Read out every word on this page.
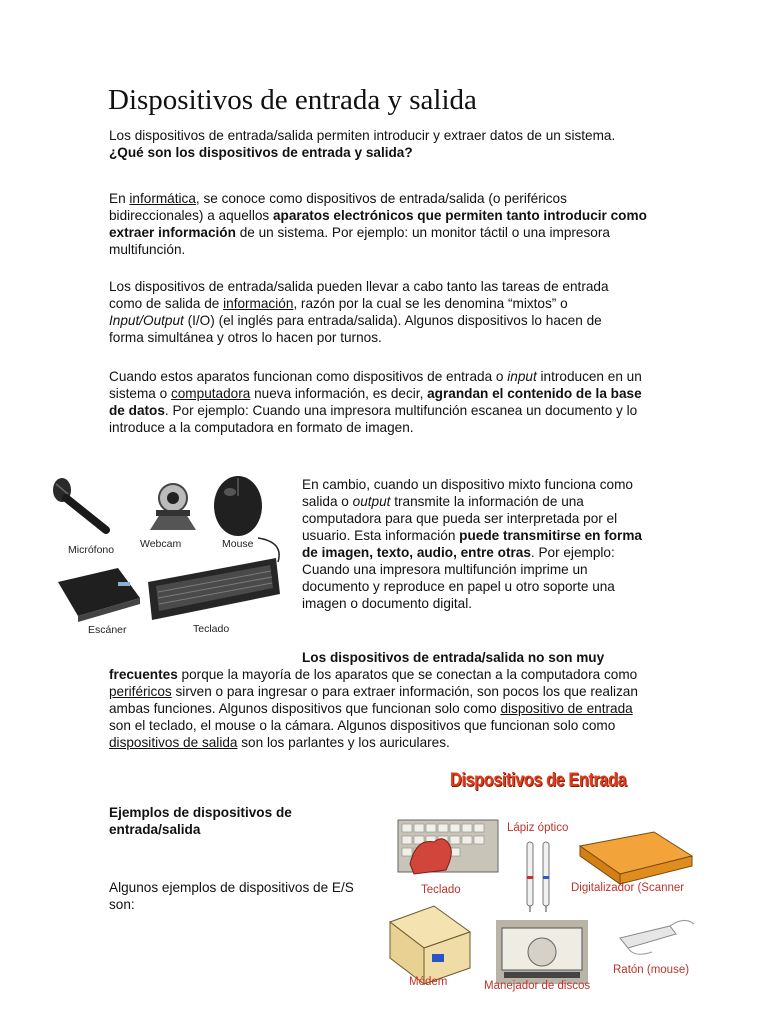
Dispositivos de entrada y salida

Los dispositivos de entrada/salida permiten introducir y extraer datos de un sistema.
¿Qué son los dispositivos de entrada y salida?

En informática, se conoce como dispositivos de entrada/salida (o periféricos bidireccionales) a aquellos aparatos electrónicos que permiten tanto introducir como extraer información de un sistema. Por ejemplo: un monitor táctil o una impresora multifunción.

Los dispositivos de entrada/salida pueden llevar a cabo tanto las tareas de entrada como de salida de información, razón por la cual se les denomina “mixtos” o Input/Output (I/O) (el inglés para entrada/salida). Algunos dispositivos lo hacen de forma simultánea y otros lo hacen por turnos.

Cuando estos aparatos funcionan como dispositivos de entrada o input introducen en un sistema o computadora nueva información, es decir, agrandan el contenido de la base de datos. Por ejemplo: Cuando una impresora multifunción escanea un documento y lo introduce a la computadora en formato de imagen.

Micrófono Webcam	Mouse
Escáner	Teclado

En cambio, cuando un dispositivo mixto funciona como salida o output transmite la información de una computadora para que pueda ser interpretada por el usuario. Esta información puede transmitirse en forma de imagen, texto, audio, entre otras. Por ejemplo: Cuando una impresora multifunción imprime un documento y reproduce en papel u otro soporte una imagen o documento digital.

Los dispositivos de entrada/salida no son muy frecuentes porque la mayoría de los aparatos que se conectan a la computadora como periféricos sirven o para ingresar o para extraer información, son pocos los que realizan ambas funciones. Algunos dispositivos que funcionan solo como dispositivo de entrada son el teclado, el mouse o la cámara. Algunos dispositivos que funcionan solo como dispositivos de salida son los parlantes y los auriculares.

Ejemplos de dispositivos de entrada/salida

Algunos ejemplos de dispositivos de E/S son:

Dispositivos de Entrada
Teclado
Lápiz óptico
Digitalizador (Scanner
Módem	Manejador de discos
Ratón (mouse)
